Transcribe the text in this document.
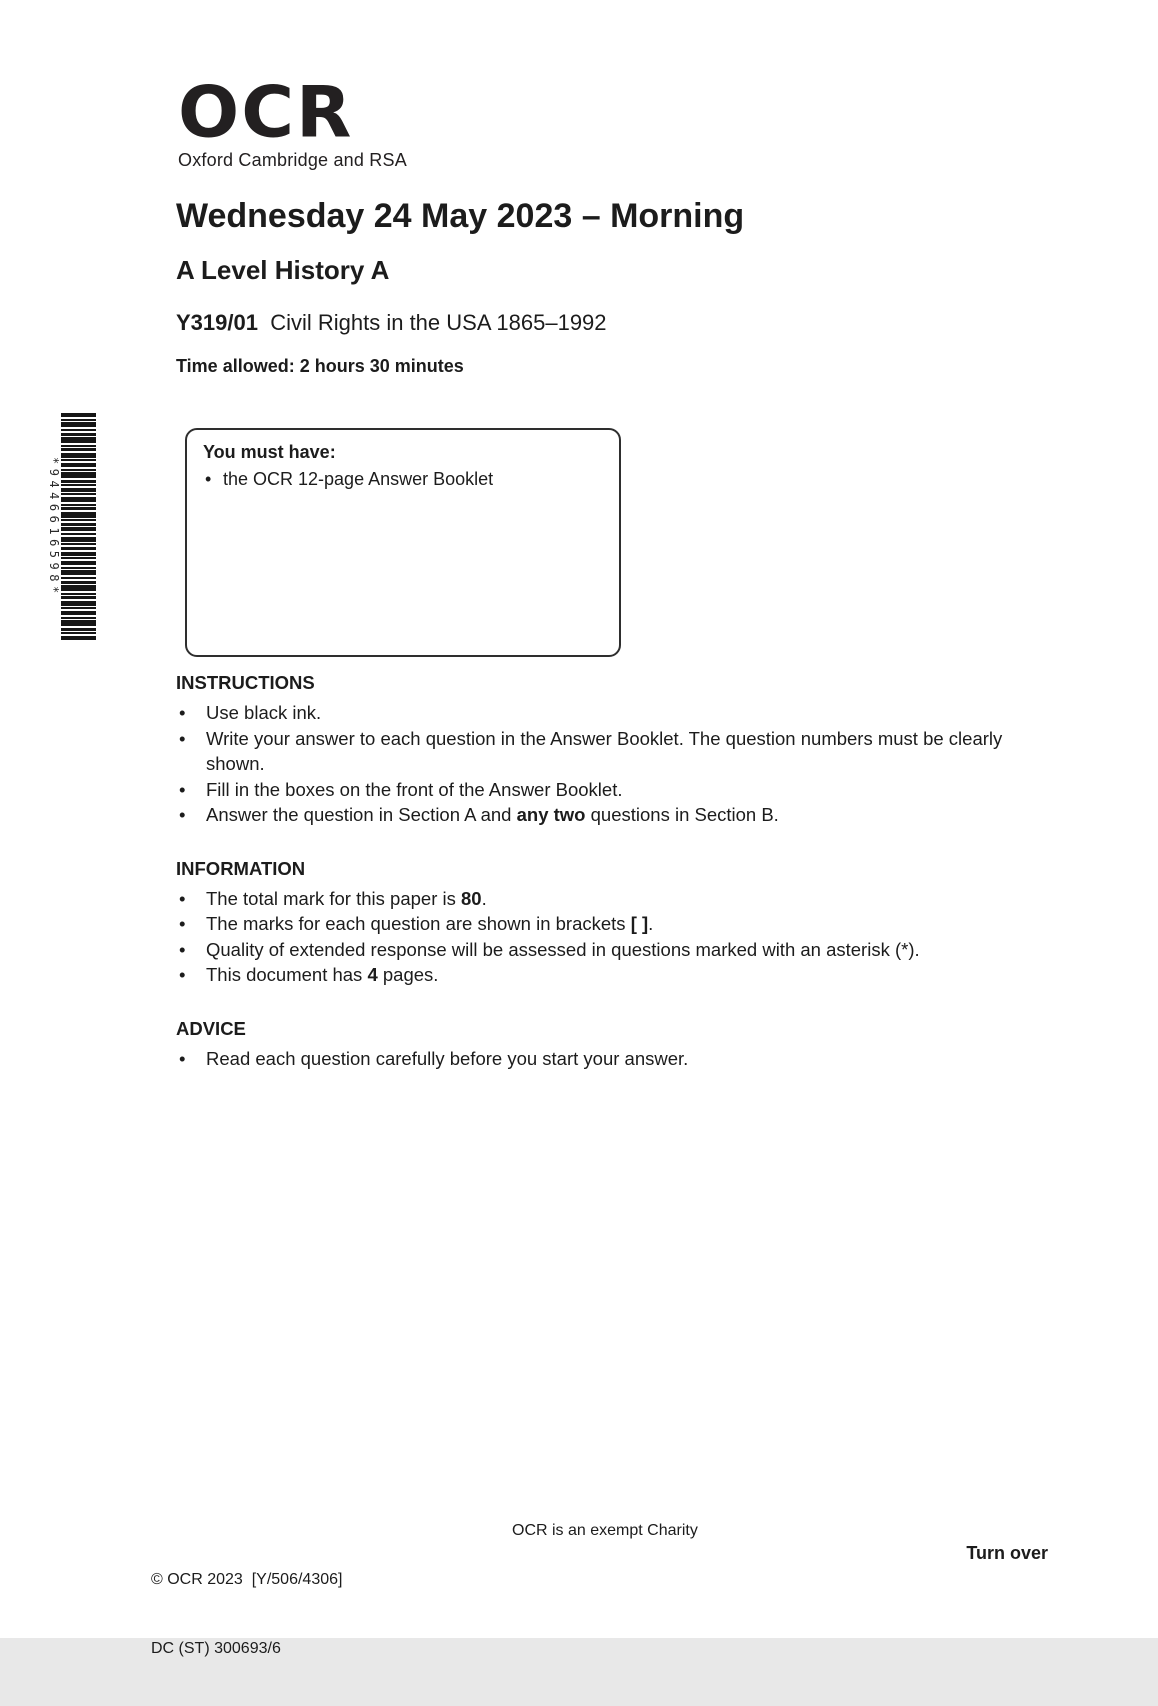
OCR
Oxford Cambridge and RSA
Wednesday 24 May 2023 – Morning
A Level History A
Y319/01 Civil Rights in the USA 1865–1992
Time allowed: 2 hours 30 minutes
*9446616598*
You must have:
• the OCR 12-page Answer Booklet
INSTRUCTIONS
• Use black ink.
• Write your answer to each question in the Answer Booklet. The question numbers must be clearly shown.
• Fill in the boxes on the front of the Answer Booklet.
• Answer the question in Section A and any two questions in Section B.
INFORMATION
• The total mark for this paper is 80.
• The marks for each question are shown in brackets [ ].
• Quality of extended response will be assessed in questions marked with an asterisk (*).
• This document has 4 pages.
ADVICE
• Read each question carefully before you start your answer.

© OCR 2023  [Y/506/4306]

DC (ST) 300693/6

OCR is an exempt Charity
Turn over
